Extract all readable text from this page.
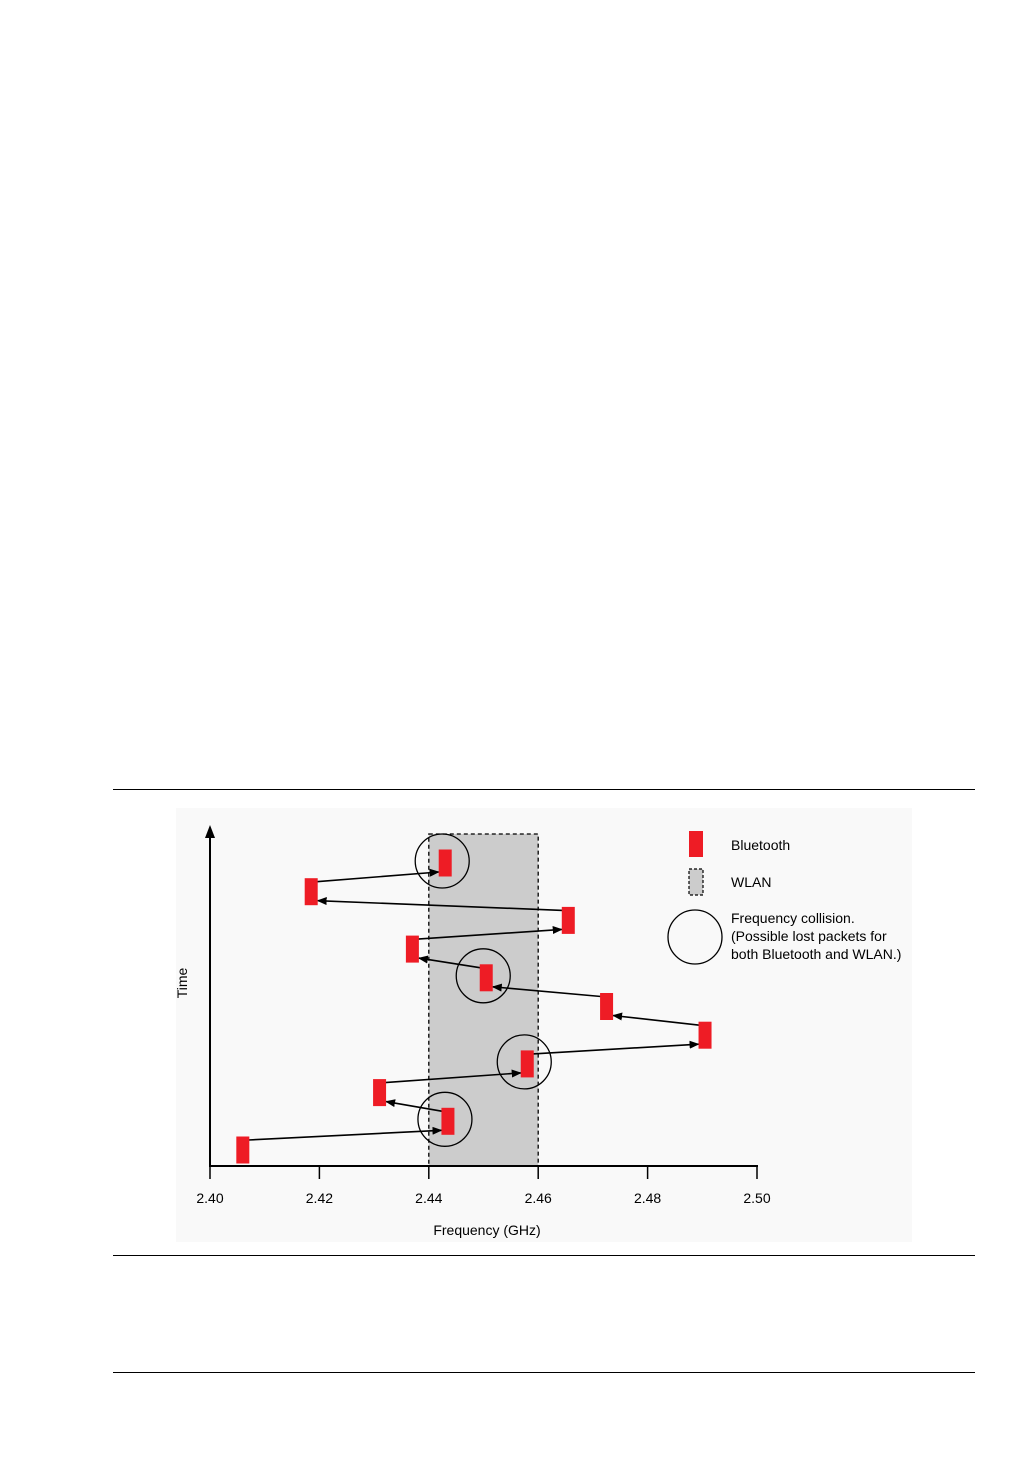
2.40	2.42	2.44	2.46	2.48	2.50
Frequency (GHz)
Time
Bluetooth
WLAN
Frequency collision.
(Possible lost packets for
both Bluetooth and WLAN.)
